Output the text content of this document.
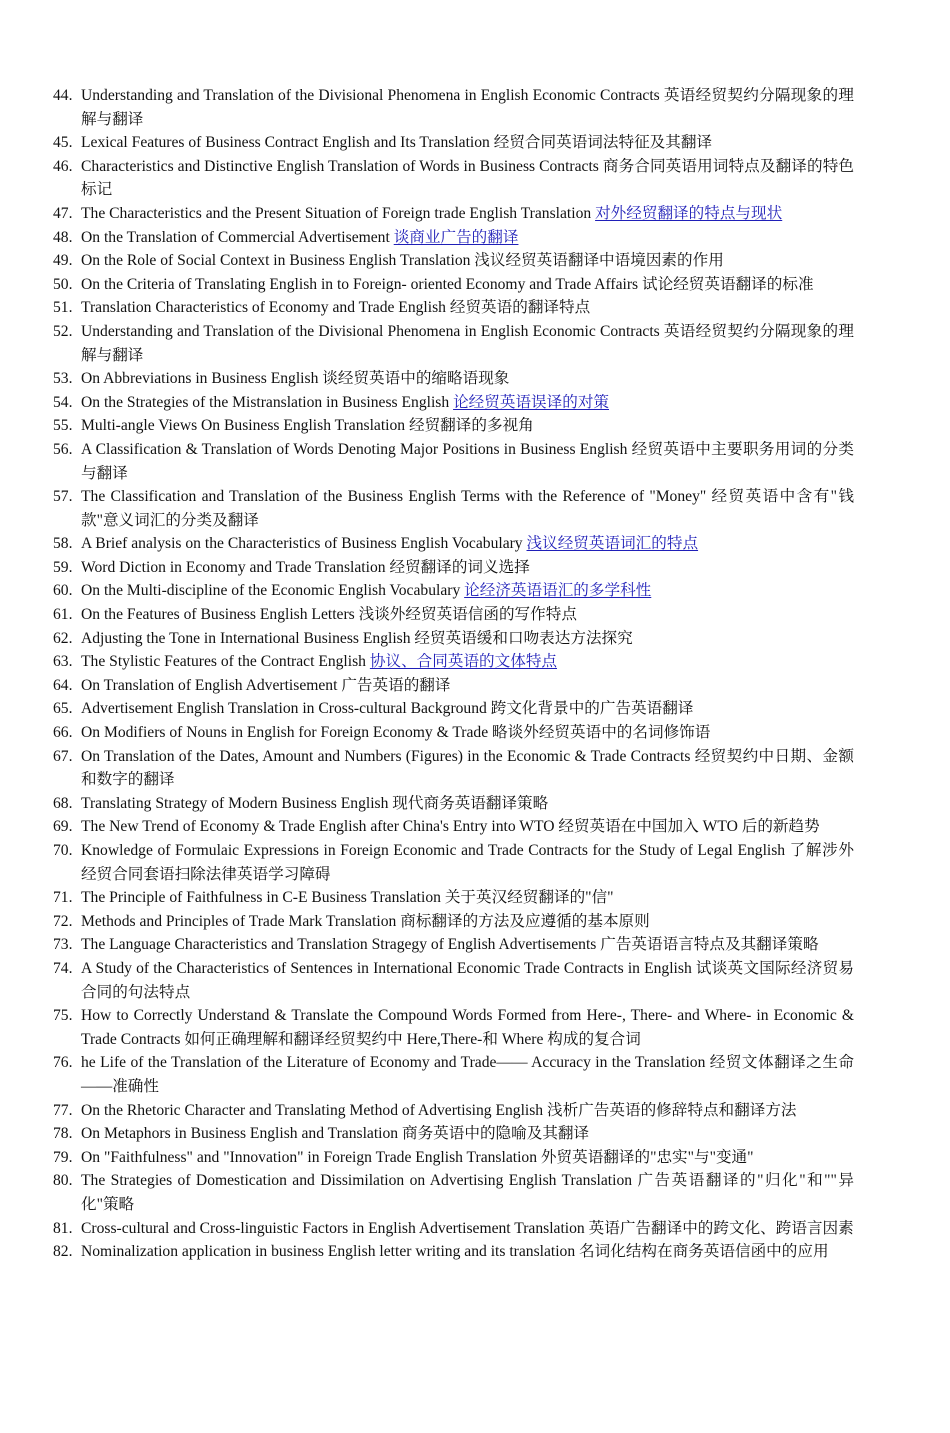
44. Understanding and Translation of the Divisional Phenomena in English Economic Contracts 英语经贸契约分隔现象的理解与翻译
45. Lexical Features of Business Contract English and Its Translation 经贸合同英语词法特征及其翻译
46. Characteristics and Distinctive English Translation of Words in Business Contracts 商务合同英语用词特点及翻译的特色标记
47. The Characteristics and the Present Situation of Foreign trade English Translation 对外经贸翻译的特点与现状
48. On the Translation of Commercial Advertisement 谈商业广告的翻译
49. On the Role of Social Context in Business English Translation 浅议经贸英语翻译中语境因素的作用
50. On the Criteria of Translating English in to Foreign- oriented Economy and Trade Affairs 试论经贸英语翻译的标准
51. Translation Characteristics of Economy and Trade English 经贸英语的翻译特点
52. Understanding and Translation of the Divisional Phenomena in English Economic Contracts 英语经贸契约分隔现象的理解与翻译
53. On Abbreviations in Business English 谈经贸英语中的缩略语现象
54. On the Strategies of the Mistranslation in Business English 论经贸英语误译的对策
55. Multi-angle Views On Business English Translation 经贸翻译的多视角
56. A Classification & Translation of Words Denoting Major Positions in Business English 经贸英语中主要职务用词的分类与翻译
57. The Classification and Translation of the Business English Terms with the Reference of "Money" 经贸英语中含有"钱款"意义词汇的分类及翻译
58. A Brief analysis on the Characteristics of Business English Vocabulary 浅议经贸英语词汇的特点
59. Word Diction in Economy and Trade Translation 经贸翻译的词义选择
60. On the Multi-discipline of the Economic English Vocabulary 论经济英语语汇的多学科性
61. On the Features of Business English Letters 浅谈外经贸英语信函的写作特点
62. Adjusting the Tone in International Business English 经贸英语缓和口吻表达方法探究
63. The Stylistic Features of the Contract English 协议、合同英语的文体特点
64. On Translation of English Advertisement 广告英语的翻译
65. Advertisement English Translation in Cross-cultural Background 跨文化背景中的广告英语翻译
66. On Modifiers of Nouns in English for Foreign Economy & Trade 略谈外经贸英语中的名词修饰语
67. On Translation of the Dates, Amount and Numbers (Figures) in the Economic & Trade Contracts 经贸契约中日期、金额和数字的翻译
68. Translating Strategy of Modern Business English 现代商务英语翻译策略
69. The New Trend of Economy & Trade English after China's Entry into WTO 经贸英语在中国加入 WTO 后的新趋势
70. Knowledge of Formulaic Expressions in Foreign Economic and Trade Contracts for the Study of Legal English 了解涉外经贸合同套语扫除法律英语学习障碍
71. The Principle of Faithfulness in C-E Business Translation 关于英汉经贸翻译的"信"
72. Methods and Principles of Trade Mark Translation 商标翻译的方法及应遵循的基本原则
73. The Language Characteristics and Translation Stragegy of English Advertisements 广告英语语言特点及其翻译策略
74. A Study of the Characteristics of Sentences in International Economic Trade Contracts in English 试谈英文国际经济贸易合同的句法特点
75. How to Correctly Understand & Translate the Compound Words Formed from Here-, There- and Where- in Economic & Trade Contracts 如何正确理解和翻译经贸契约中 Here,There-和 Where 构成的复合词
76. he Life of the Translation of the Literature of Economy and Trade—— Accuracy in the Translation 经贸文体翻译之生命——准确性
77. On the Rhetoric Character and Translating Method of Advertising English 浅析广告英语的修辞特点和翻译方法
78. On Metaphors in Business English and Translation 商务英语中的隐喻及其翻译
79. On "Faithfulness" and "Innovation" in Foreign Trade English Translation 外贸英语翻译的"忠实"与"变通"
80. The Strategies of Domestication and Dissimilation on Advertising English Translation 广告英语翻译的"归化"和""异化"策略
81. Cross-cultural and Cross-linguistic Factors in English Advertisement Translation 英语广告翻译中的跨文化、跨语言因素
82. Nominalization application in business English letter writing and its translation 名词化结构在商务英语信函中的应用
